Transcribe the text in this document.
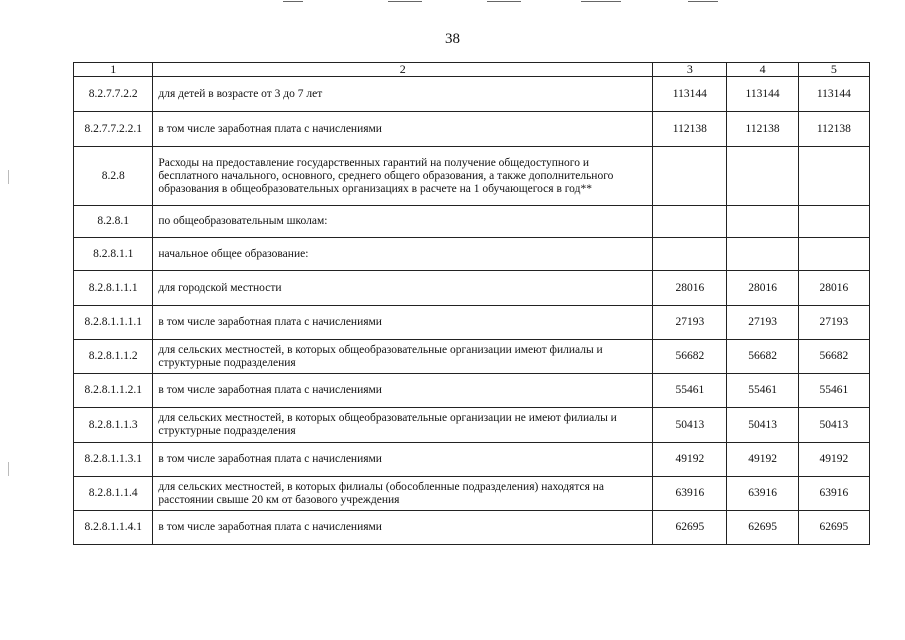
38
1	2	3	4	5
8.2.7.7.2.2	для детей в возрасте от 3 до 7 лет	113144	113144	113144
8.2.7.7.2.2.1	в том числе заработная плата с начислениями	112138	112138	112138
8.2.8	Расходы на предоставление государственных гарантий на получение общедоступного и бесплатного начального, основного, среднего общего образования, а также дополнительного образования в общеобразовательных организациях в расчете на 1 обучающегося в год**			
8.2.8.1	по общеобразовательным школам:			
8.2.8.1.1	начальное общее образование:			
8.2.8.1.1.1	для городской местности	28016	28016	28016
8.2.8.1.1.1.1	в том числе заработная плата с начислениями	27193	27193	27193
8.2.8.1.1.2	для сельских местностей, в которых общеобразовательные организации имеют филиалы и структурные подразделения	56682	56682	56682
8.2.8.1.1.2.1	в том числе заработная плата с начислениями	55461	55461	55461
8.2.8.1.1.3	для сельских местностей, в которых общеобразовательные организации не имеют филиалы и структурные подразделения	50413	50413	50413
8.2.8.1.1.3.1	в том числе заработная плата с начислениями	49192	49192	49192
8.2.8.1.1.4	для сельских местностей, в которых филиалы (обособленные подразделения) находятся на расстоянии свыше 20 км от базового учреждения	63916	63916	63916
8.2.8.1.1.4.1	в том числе заработная плата с начислениями	62695	62695	62695
